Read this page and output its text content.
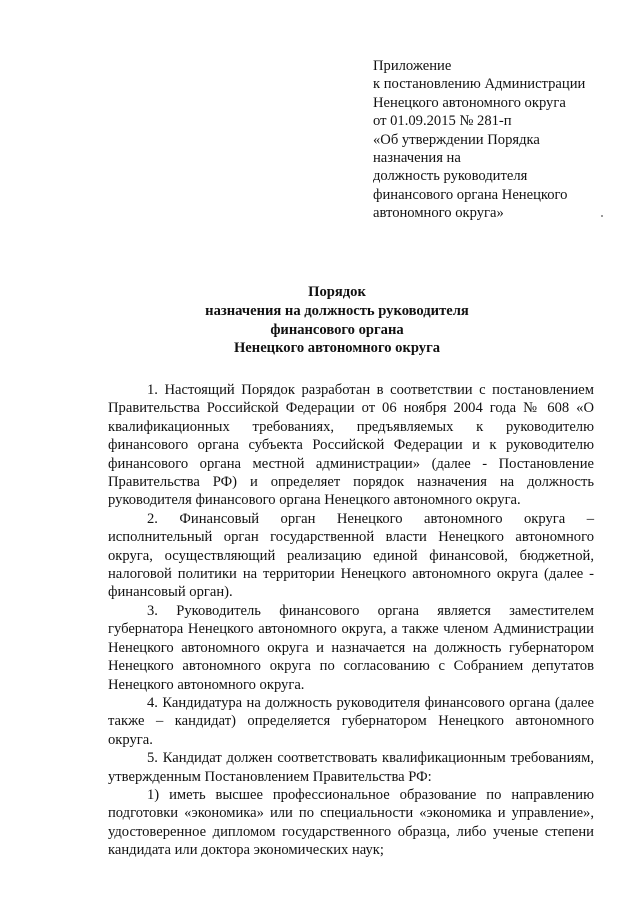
Приложение
к постановлению Администрации
Ненецкого автономного округа
от 01.09.2015 № 281-п
«Об утверждении Порядка
назначения на
должность руководителя
финансового органа Ненецкого
автономного округа»
Порядок
назначения на должность руководителя
финансового органа
Ненецкого автономного округа

1. Настоящий Порядок разработан в соответствии с постановлением Правительства Российской Федерации от 06 ноября 2004 года № 608 «О квалификационных требованиях, предъявляемых к руководителю финансового органа субъекта Российской Федерации и к руководителю финансового органа местной администрации» (далее - Постановление Правительства РФ) и определяет порядок назначения на должность руководителя финансового органа Ненецкого автономного округа.

2. Финансовый орган Ненецкого автономного округа – исполнительный орган государственной власти Ненецкого автономного округа, осуществляющий реализацию единой финансовой, бюджетной, налоговой политики на территории Ненецкого автономного округа (далее - финансовый орган).

3. Руководитель финансового органа является заместителем губернатора Ненецкого автономного округа, а также членом Администрации Ненецкого автономного округа и назначается на должность губернатором Ненецкого автономного округа по согласованию с Собранием депутатов Ненецкого автономного округа.

4. Кандидатура на должность руководителя финансового органа (далее также – кандидат) определяется губернатором Ненецкого автономного округа.

5. Кандидат должен соответствовать квалификационным требованиям, утвержденным Постановлением Правительства РФ:

1) иметь высшее профессиональное образование по направлению подготовки «экономика» или по специальности «экономика и управление», удостоверенное дипломом государственного образца, либо ученые степени кандидата или доктора экономических наук;
